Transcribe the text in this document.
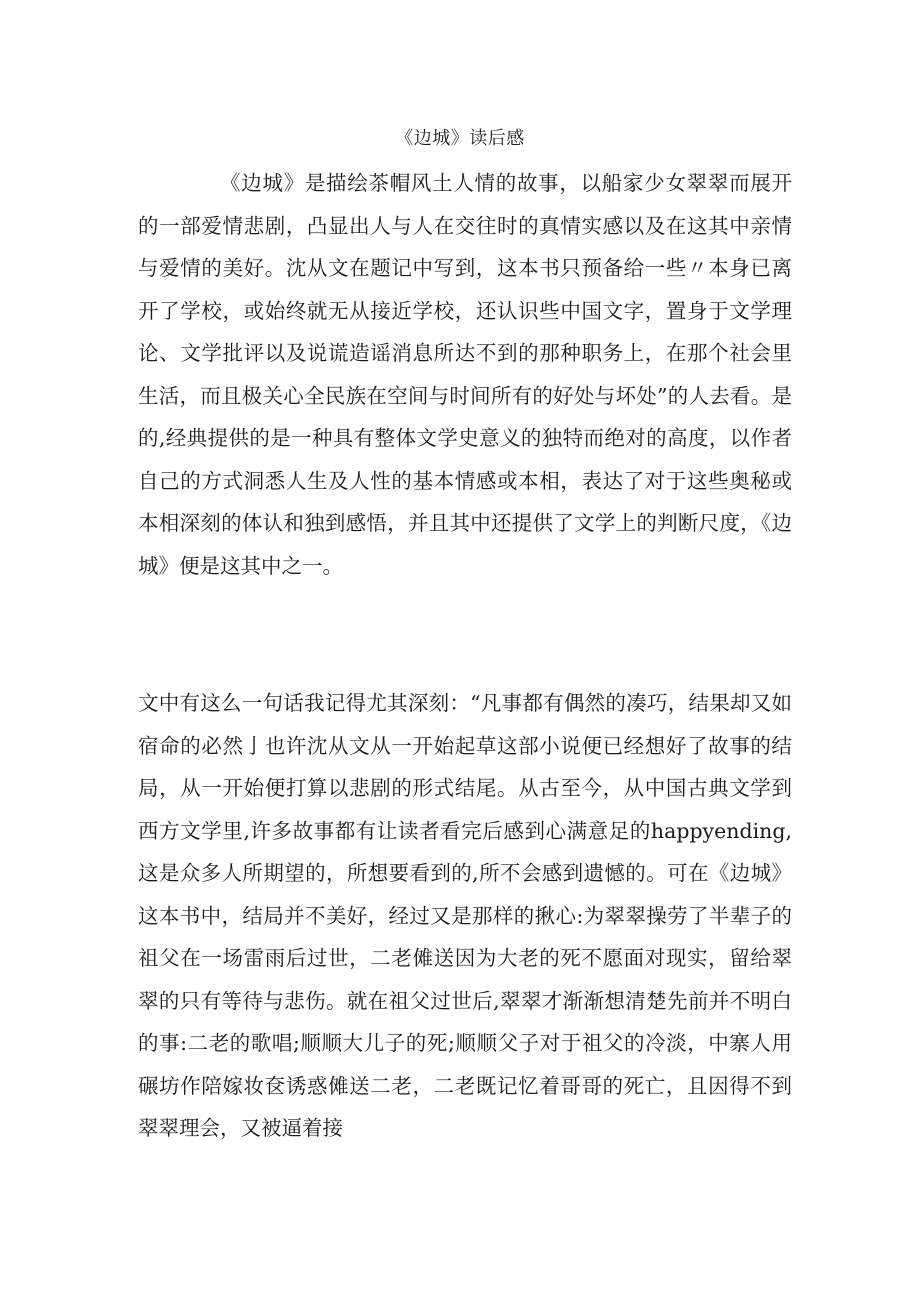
《边城》读后感

《边城》是描绘茶帽风土人情的故事，以船家少女翠翠而展开的一部爱情悲剧，凸显出人与人在交往时的真情实感以及在这其中亲情与爱情的美好。沈从文在题记中写到，这本书只预备给一些〃本身已离开了学校，或始终就无从接近学校，还认识些中国文字，置身于文学理论、文学批评以及说谎造谣消息所达不到的那种职务上，在那个社会里生活，而且极关心全民族在空间与时间所有的好处与坏处”的人去看。是的,经典提供的是一种具有整体文学史意义的独特而绝对的高度，以作者自己的方式洞悉人生及人性的基本情感或本相，表达了对于这些奥秘或本相深刻的体认和独到感悟，并且其中还提供了文学上的判断尺度，《边城》便是这其中之一。

文中有这么一句话我记得尤其深刻：“凡事都有偶然的凑巧，结果却又如宿命的必然亅也许沈从文从一开始起草这部小说便已经想好了故事的结局，从一开始便打算以悲剧的形式结尾。从古至今，从中国古典文学到西方文学里,许多故事都有让读者看完后感到心满意足的happyending,这是众多人所期望的，所想要看到的,所不会感到遗憾的。可在《边城》这本书中，结局并不美好，经过又是那样的揪心:为翠翠操劳了半辈子的祖父在一场雷雨后过世，二老傩送因为大老的死不愿面对现实，留给翠翠的只有等待与悲伤。就在祖父过世后,翠翠才渐渐想清楚先前并不明白的事:二老的歌唱;顺顺大儿子的死;顺顺父子对于祖父的冷淡，中寨人用碾坊作陪嫁妆奁诱惑傩送二老，二老既记忆着哥哥的死亡，且因得不到翠翠理会，又被逼着接
